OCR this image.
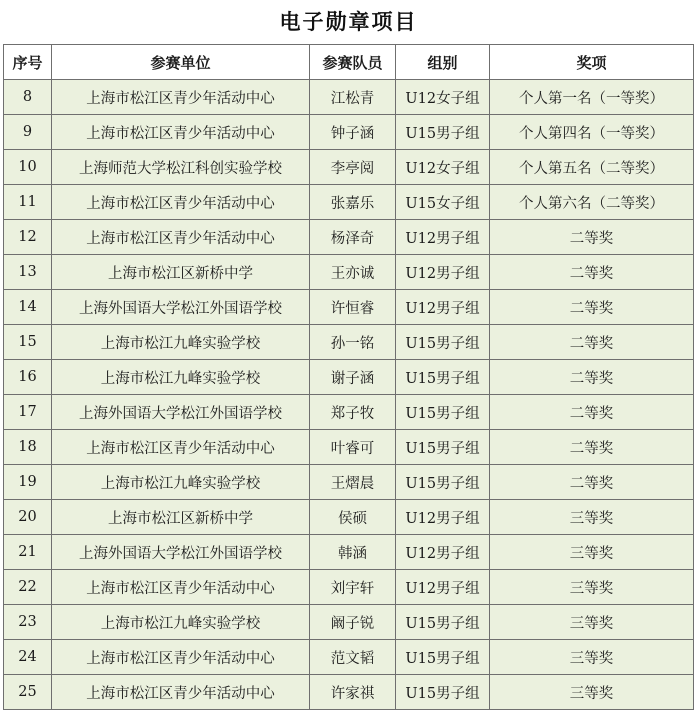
电子勋章项目
序号	参赛单位	参赛队员	组别	奖项
8	上海市松江区青少年活动中心	江松青	U12女子组	个人第一名（一等奖）
9	上海市松江区青少年活动中心	钟子涵	U15男子组	个人第四名（一等奖）
10	上海师范大学松江科创实验学校	李亭阅	U12女子组	个人第五名（二等奖）
11	上海市松江区青少年活动中心	张嘉乐	U15女子组	个人第六名（二等奖）
12	上海市松江区青少年活动中心	杨泽奇	U12男子组	二等奖
13	上海市松江区新桥中学	王亦诚	U12男子组	二等奖
14	上海外国语大学松江外国语学校	许恒睿	U12男子组	二等奖
15	上海市松江九峰实验学校	孙一铭	U15男子组	二等奖
16	上海市松江九峰实验学校	谢子涵	U15男子组	二等奖
17	上海外国语大学松江外国语学校	郑子牧	U15男子组	二等奖
18	上海市松江区青少年活动中心	叶睿可	U15男子组	二等奖
19	上海市松江九峰实验学校	王熠晨	U15男子组	二等奖
20	上海市松江区新桥中学	侯硕	U12男子组	三等奖
21	上海外国语大学松江外国语学校	韩涵	U12男子组	三等奖
22	上海市松江区青少年活动中心	刘宇轩	U12男子组	三等奖
23	上海市松江九峰实验学校	阚子锐	U15男子组	三等奖
24	上海市松江区青少年活动中心	范文韬	U15男子组	三等奖
25	上海市松江区青少年活动中心	许家祺	U15男子组	三等奖
